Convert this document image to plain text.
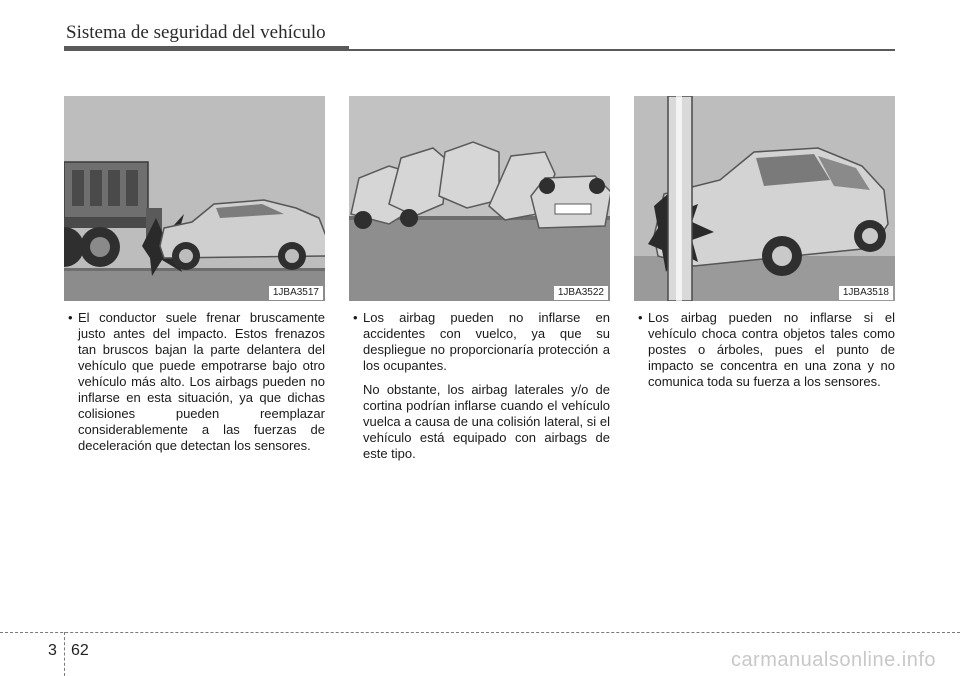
Sistema de seguridad del vehículo
1JBA3517	1JBA3522	1JBA3518

• El conductor suele frenar bruscamente justo antes del impacto. Estos frenazos tan bruscos bajan la parte delantera del vehículo que puede empotrarse bajo otro vehículo más alto. Los airbags pueden no inflarse en esta situación, ya que dichas colisiones pueden reemplazar considerablemente a las fuerzas de deceleración que detectan los sensores.

• Los airbag pueden no inflarse en accidentes con vuelco, ya que su despliegue no proporcionaría protección a los ocupantes.

No obstante, los airbag laterales y/o de cortina podrían inflarse cuando el vehículo vuelca a causa de una colisión lateral, si el vehículo está equipado con airbags de este tipo.

• Los airbag pueden no inflarse si el vehículo choca contra objetos tales como postes o árboles, pues el punto de impacto se concentra en una zona y no comunica toda su fuerza a los sensores.

3 62	carmanualsonline.info
